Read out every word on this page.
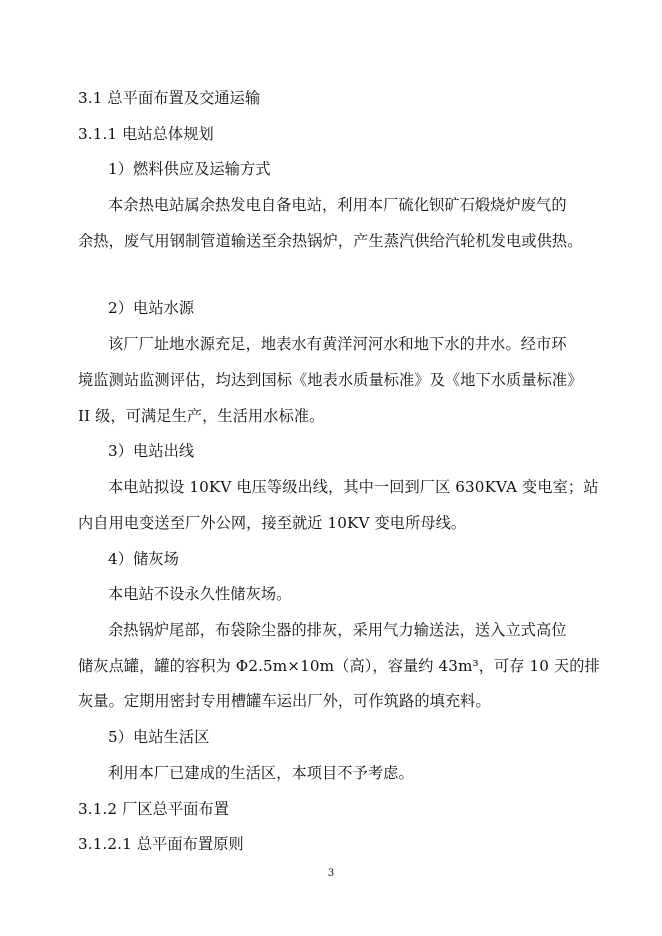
3.1 总平面布置及交通运输
3.1.1 电站总体规划
1）燃料供应及运输方式
本余热电站属余热发电自备电站，利用本厂硫化钡矿石煅烧炉废气的
余热，废气用钢制管道输送至余热锅炉，产生蒸汽供给汽轮机发电或供热。
2）电站水源
该厂厂址地水源充足，地表水有黄洋河河水和地下水的井水。经市环
境监测站监测评估，均达到国标《地表水质量标准》及《地下水质量标准》
II 级，可满足生产，生活用水标准。
3）电站出线
本电站拟设 10KV 电压等级出线，其中一回到厂区 630KVA 变电室；站
内自用电变送至厂外公网，接至就近 10KV 变电所母线。
4）储灰场
本电站不设永久性储灰场。
余热锅炉尾部，布袋除尘器的排灰，采用气力输送法，送入立式高位
储灰点罐，罐的容积为 Φ2.5m×10m（高），容量约 43m³，可存 10 天的排
灰量。定期用密封专用槽罐车运出厂外，可作筑路的填充料。
5）电站生活区
利用本厂已建成的生活区，本项目不予考虑。
3.1.2 厂区总平面布置
3.1.2.1 总平面布置原则
3
